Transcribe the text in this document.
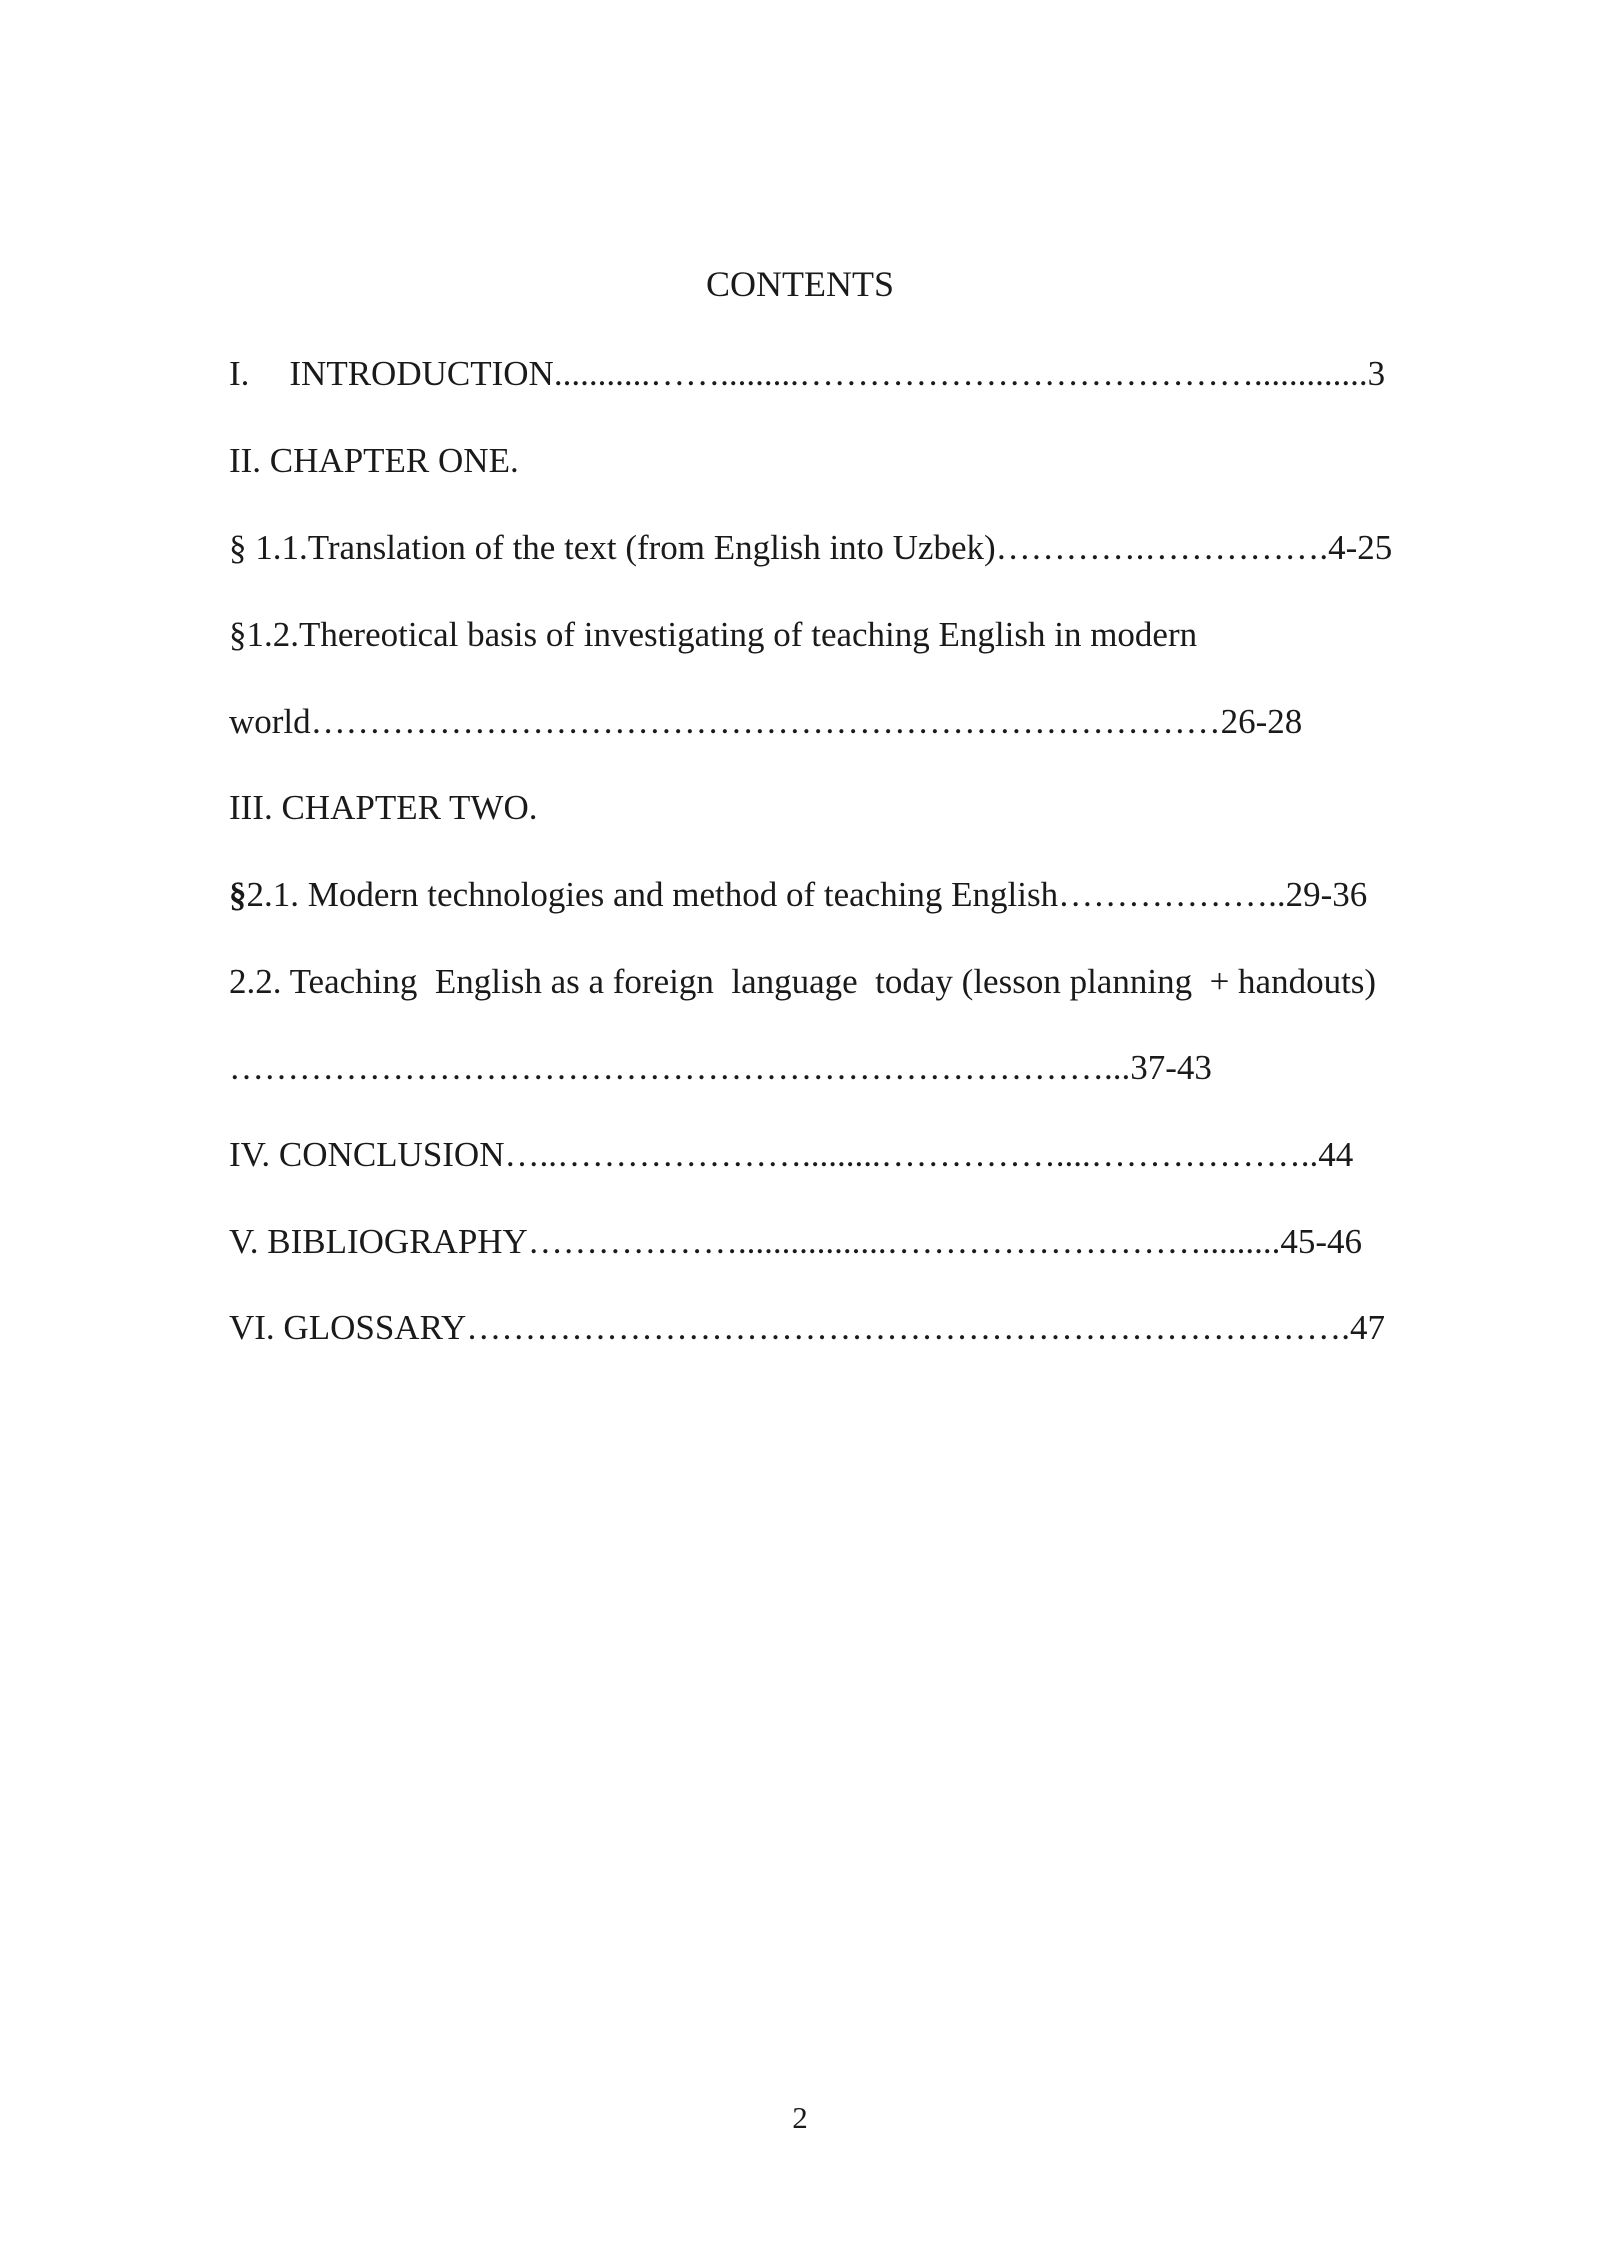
CONTENTS
I. INTRODUCTION...........…….........………………………………….............3
II. CHAPTER ONE.
§ 1.1.Translation of the text (from English into Uzbek)………….…………….4-25
§1.2.Thereotical basis of investigating of teaching English in modern
world……………………………………………………………………26-28
III. CHAPTER TWO.
§2.1. Modern technologies and method of teaching English………………..29-36
2.2. Teaching  English as a foreign  language  today (lesson planning  + handouts)
…………………………………………………………………...37-43
IV. CONCLUSION…..………………….........……………....………………..44
V. BIBLIOGRAPHY……………….................……………………….........45-46
VI. GLOSSARY………………………………………………………………….47
2
